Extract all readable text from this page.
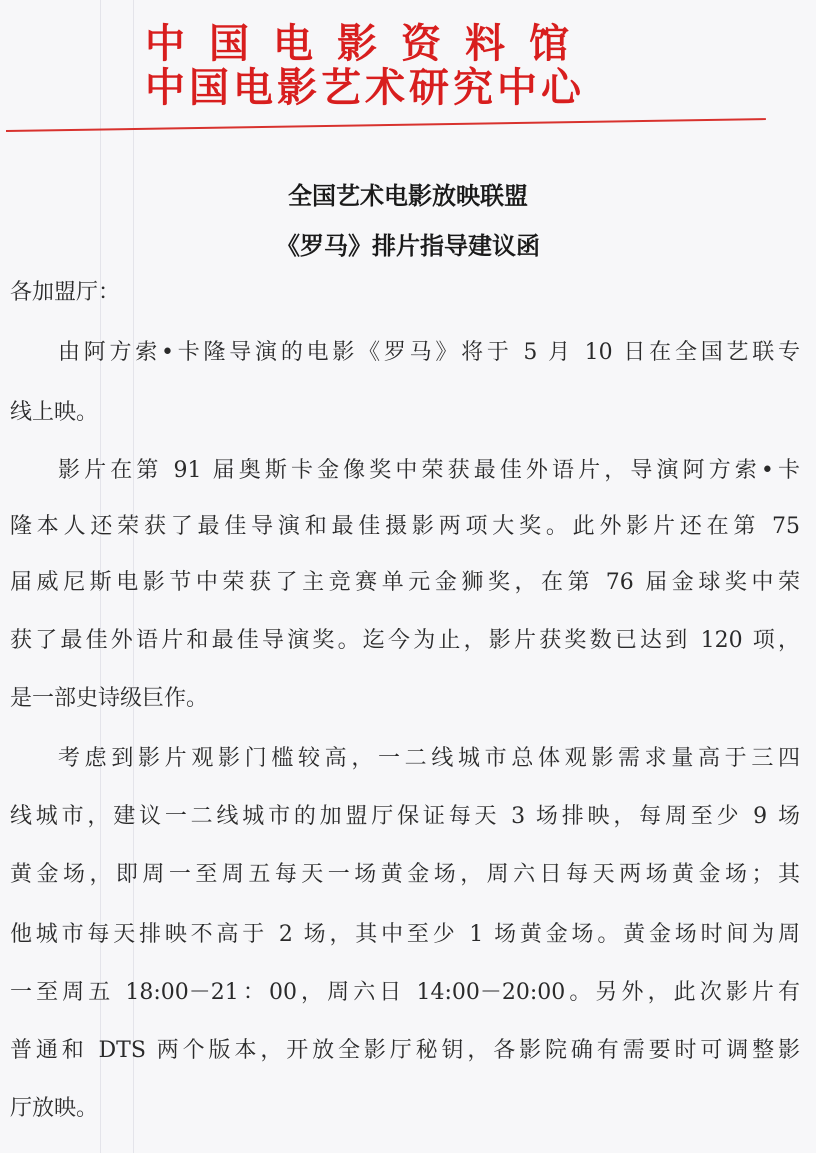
中国电影资料馆
中国电影艺术研究中心
全国艺术电影放映联盟
《罗马》排片指导建议函
各加盟厅：
由阿方索•卡隆导演的电影《罗马》将于 5 月 10 日在全国艺联专
线上映。
影片在第 91 届奥斯卡金像奖中荣获最佳外语片，导演阿方索•卡
隆本人还荣获了最佳导演和最佳摄影两项大奖。此外影片还在第 75
届威尼斯电影节中荣获了主竞赛单元金狮奖，在第 76 届金球奖中荣
获了最佳外语片和最佳导演奖。迄今为止，影片获奖数已达到 120 项，
是一部史诗级巨作。
考虑到影片观影门槛较高，一二线城市总体观影需求量高于三四
线城市，建议一二线城市的加盟厅保证每天 3 场排映，每周至少 9 场
黄金场，即周一至周五每天一场黄金场，周六日每天两场黄金场；其
他城市每天排映不高于 2 场，其中至少 1 场黄金场。黄金场时间为周
一至周五 18:00－21：00，周六日 14:00－20:00。另外，此次影片有
普通和 DTS 两个版本，开放全影厅秘钥，各影院确有需要时可调整影
厅放映。
